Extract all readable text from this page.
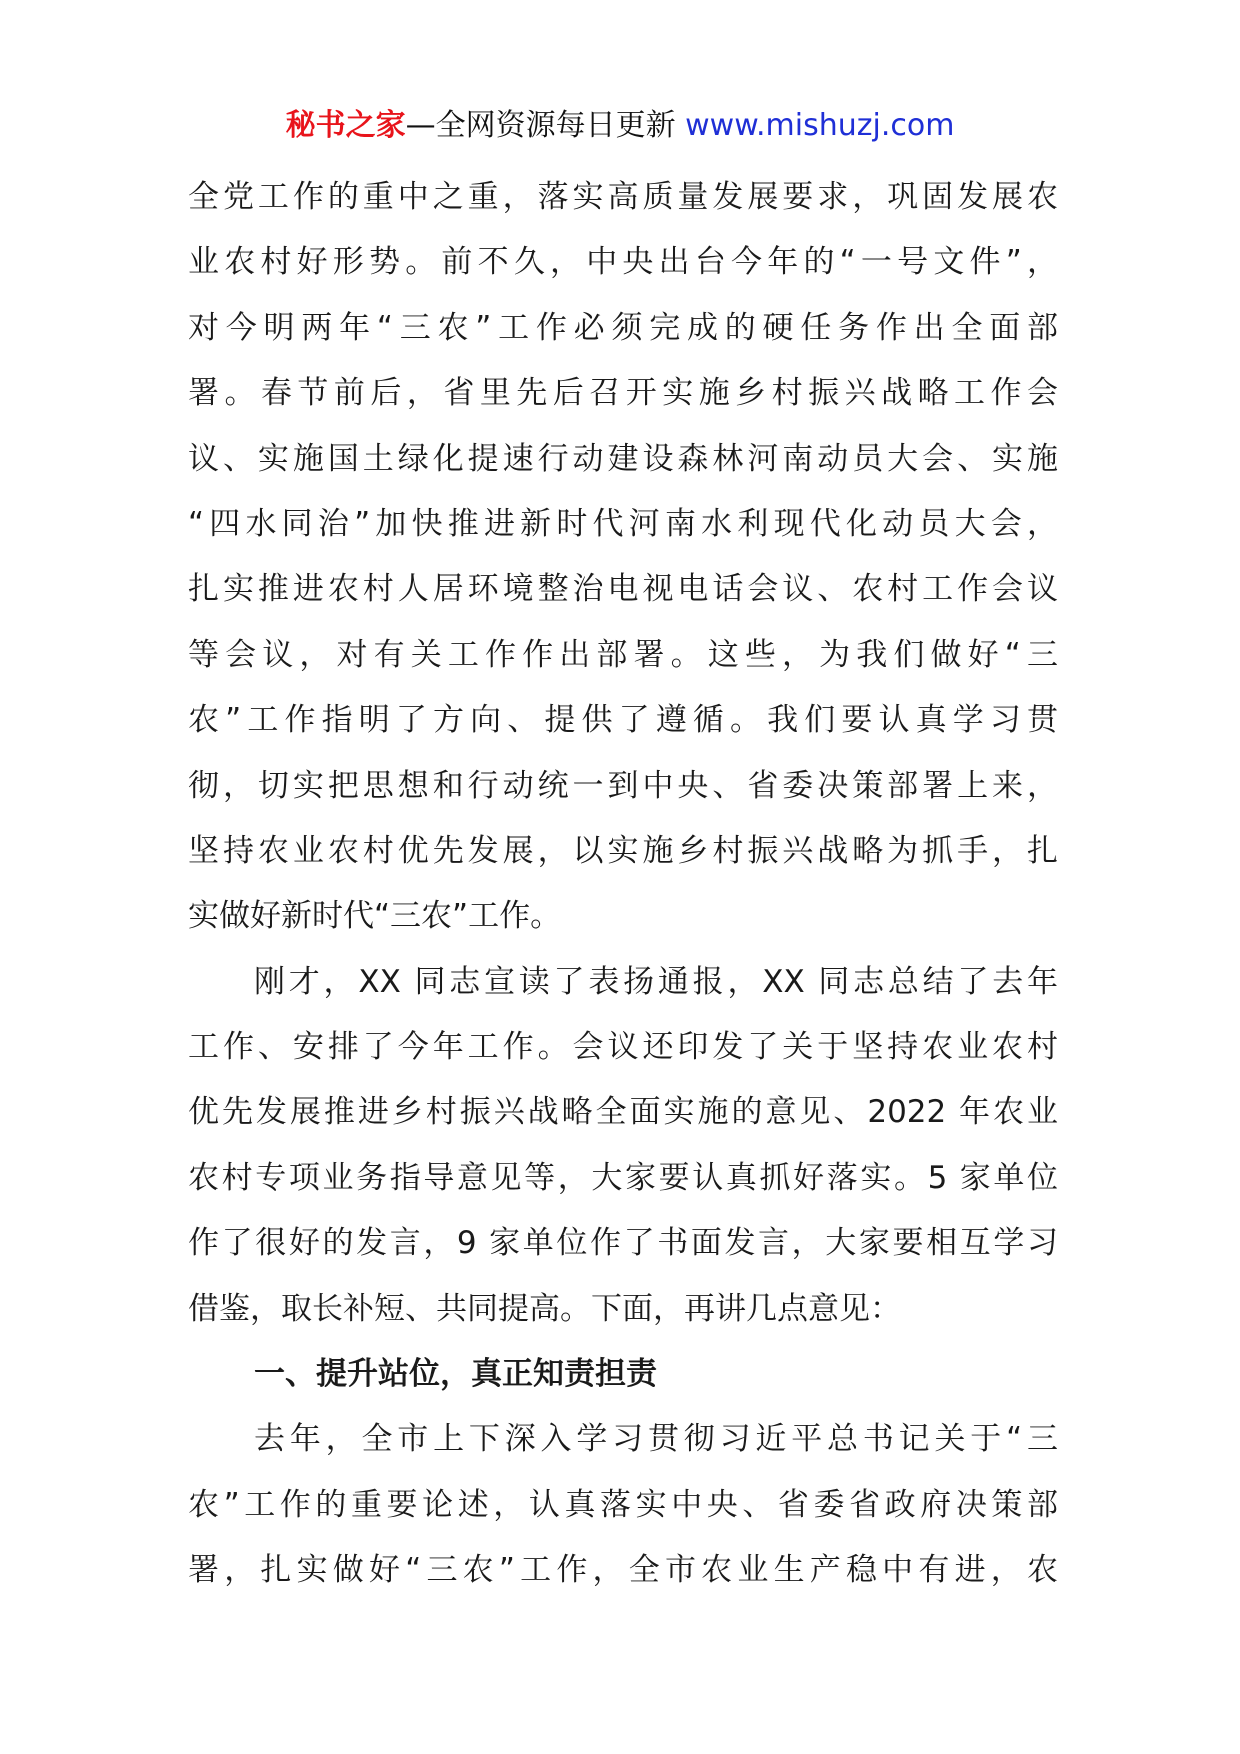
秘书之家—全网资源每日更新 www.mishuzj.com
全党工作的重中之重，落实高质量发展要求，巩固发展农
业农村好形势。前不久，中央出台今年的“一号文件”，
对今明两年“三农”工作必须完成的硬任务作出全面部
署。春节前后，省里先后召开实施乡村振兴战略工作会
议、实施国土绿化提速行动建设森林河南动员大会、实施
“四水同治”加快推进新时代河南水利现代化动员大会，
扎实推进农村人居环境整治电视电话会议、农村工作会议
等会议，对有关工作作出部署。这些，为我们做好“三
农”工作指明了方向、提供了遵循。我们要认真学习贯
彻，切实把思想和行动统一到中央、省委决策部署上来，
坚持农业农村优先发展，以实施乡村振兴战略为抓手，扎
实做好新时代“三农”工作。
刚才，XX 同志宣读了表扬通报，XX 同志总结了去年
工作、安排了今年工作。会议还印发了关于坚持农业农村
优先发展推进乡村振兴战略全面实施的意见、2022 年农业
农村专项业务指导意见等，大家要认真抓好落实。5 家单位
作了很好的发言，9 家单位作了书面发言，大家要相互学习
借鉴，取长补短、共同提高。下面，再讲几点意见：
一、提升站位，真正知责担责
去年，全市上下深入学习贯彻习近平总书记关于“三
农”工作的重要论述，认真落实中央、省委省政府决策部
署，扎实做好“三农”工作，全市农业生产稳中有进，农
